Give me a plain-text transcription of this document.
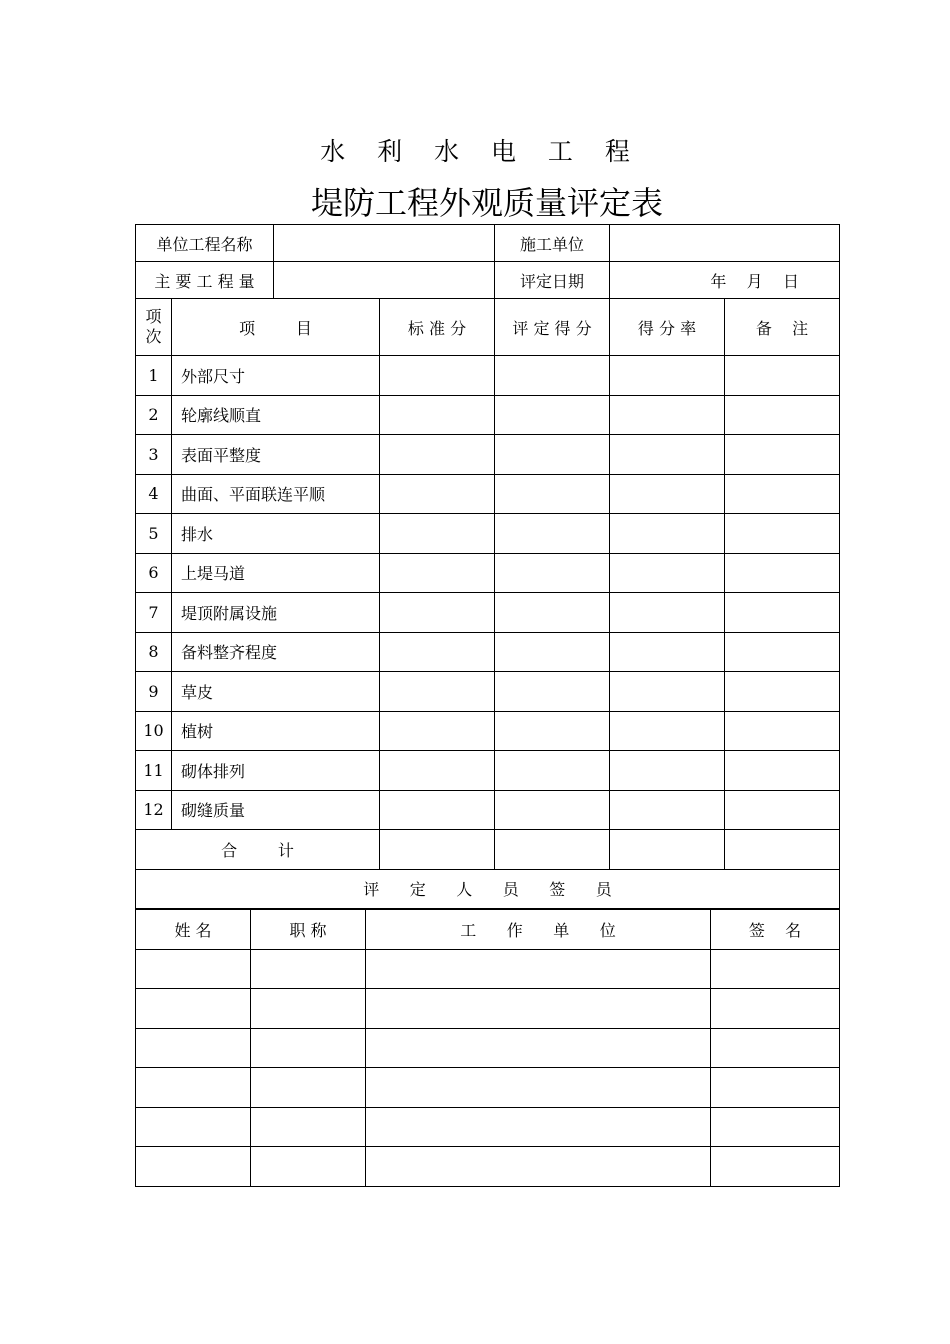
水 利 水 电 工 程
堤防工程外观质量评定表
单位工程名称				施工单位		
主 要 工 程 量				评定日期	年    月    日	
项
次	项        目		标 准 分	评 定 得 分	得 分 率	备    注
1	外部尺寸					
2	轮廓线顺直					
3	表面平整度					
4	曲面、平面联连平顺					
5	排水					
6	上堤马道					
7	堤顶附属设施					
8	备料整齐程度					
9	草皮					
10	植树					
11	砌体排列					
12	砌缝质量					
合        计						
评      定      人      员      签      员						
姓 名	职 称	工      作      单      位	签    名
